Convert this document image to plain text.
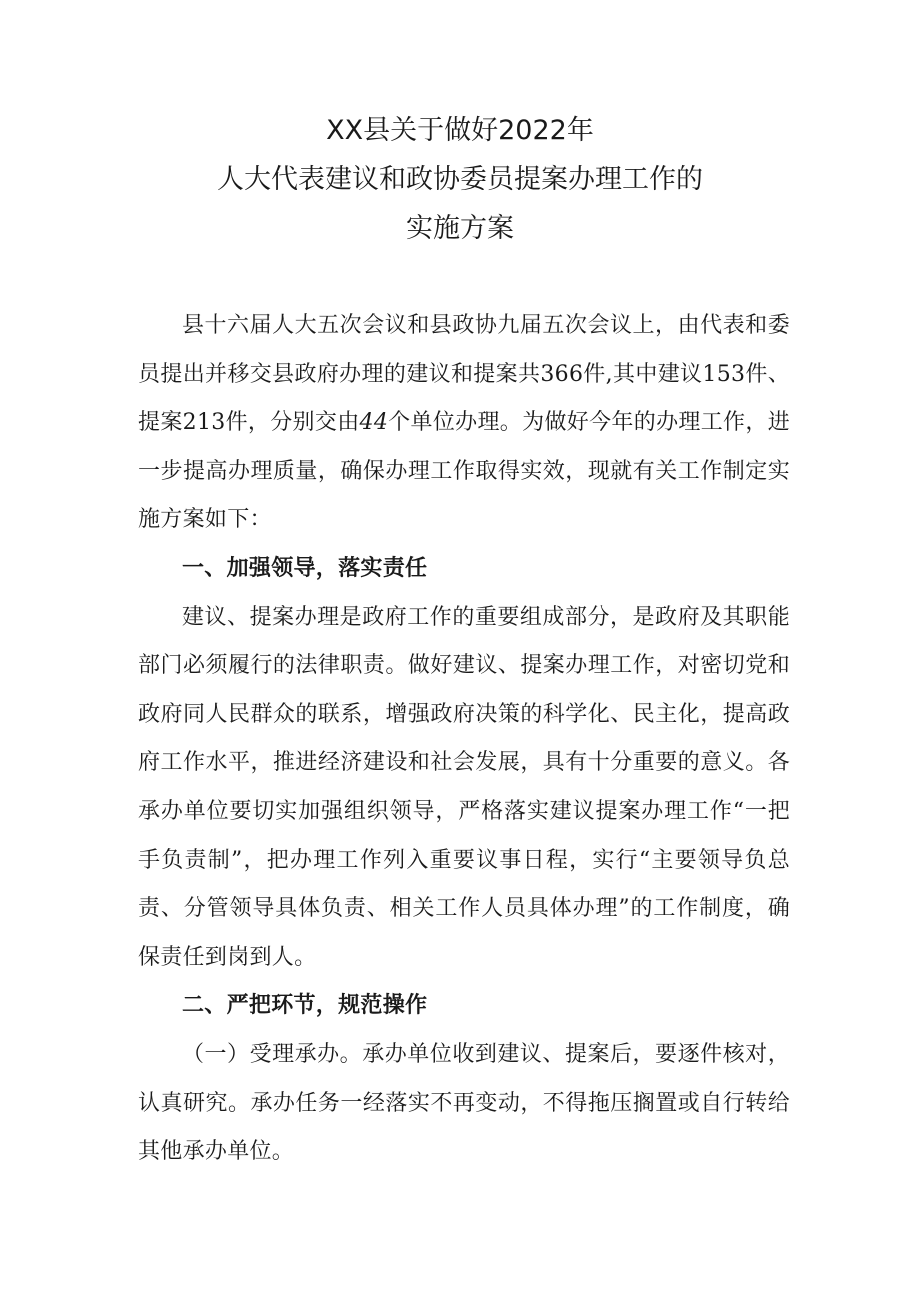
XX县关于做好2022年
人大代表建议和政协委员提案办理工作的
实施方案

县十六届人大五次会议和县政协九届五次会议上，由代表和委员提出并移交县政府办理的建议和提案共366件,其中建议153件、提案213件，分别交由44个单位办理。为做好今年的办理工作，进一步提高办理质量，确保办理工作取得实效，现就有关工作制定实施方案如下：

一、加强领导，落实责任

建议、提案办理是政府工作的重要组成部分，是政府及其职能部门必须履行的法律职责。做好建议、提案办理工作，对密切党和政府同人民群众的联系，增强政府决策的科学化、民主化，提高政府工作水平，推进经济建设和社会发展，具有十分重要的意义。各承办单位要切实加强组织领导，严格落实建议提案办理工作“一把手负责制”，把办理工作列入重要议事日程，实行“主要领导负总责、分管领导具体负责、相关工作人员具体办理”的工作制度，确保责任到岗到人。

二、严把环节，规范操作

（一）受理承办。承办单位收到建议、提案后，要逐件核对，认真研究。承办任务一经落实不再变动，不得拖压搁置或自行转给其他承办单位。
